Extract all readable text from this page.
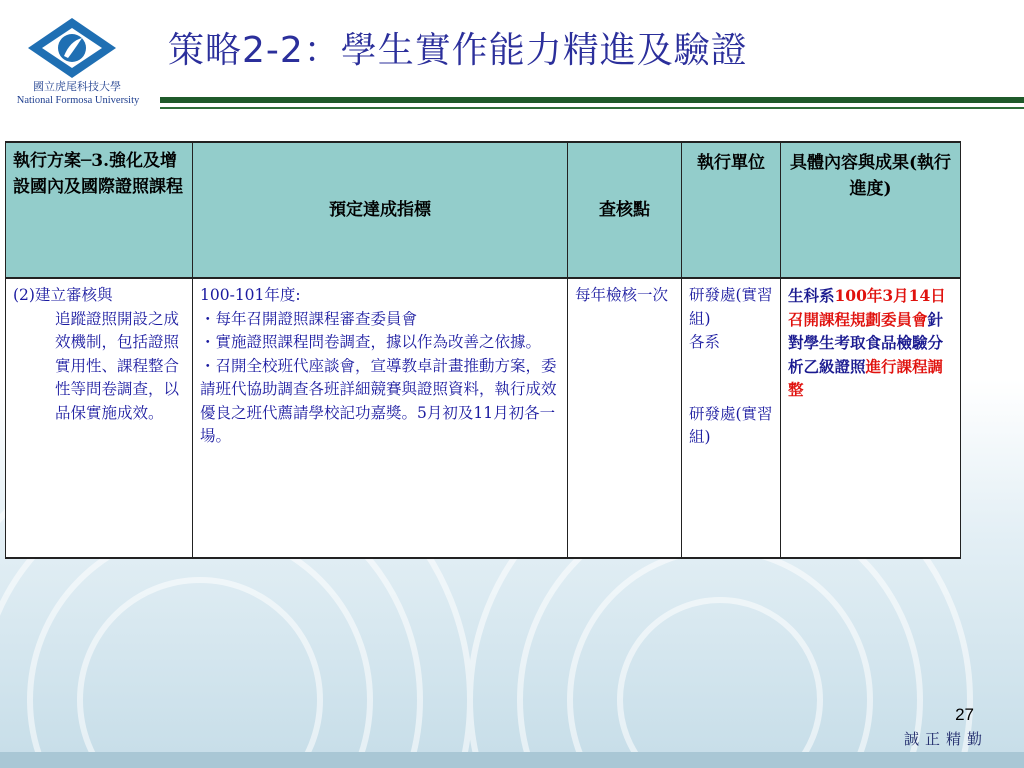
國立虎尾科技大學
National Formosa University
策略2-2：學生實作能力精進及驗證
執行方案─3.強化及增設國內及國際證照課程	預定達成指標	查核點	執行單位	具體內容與成果(執行進度)

(2)建立審核與
追蹤證照開設之成效機制，包括證照實用性、課程整合性等問卷調查，以品保實施成效。	100-101年度:
・每年召開證照課程審查委員會
・實施證照課程問卷調查，據以作為改善之依據。
・召開全校班代座談會，宣導教卓計畫推動方案，委請班代協助調查各班詳細競賽與證照資料，執行成效優良之班代薦請學校記功嘉獎。5月初及11月初各一場。	每年檢核一次	研發處(實習組)
各系
研發處(實習組)	生科系100年3月14日召開課程規劃委員會針對學生考取食品檢驗分析乙級證照進行課程調整
27
誠正精勤
